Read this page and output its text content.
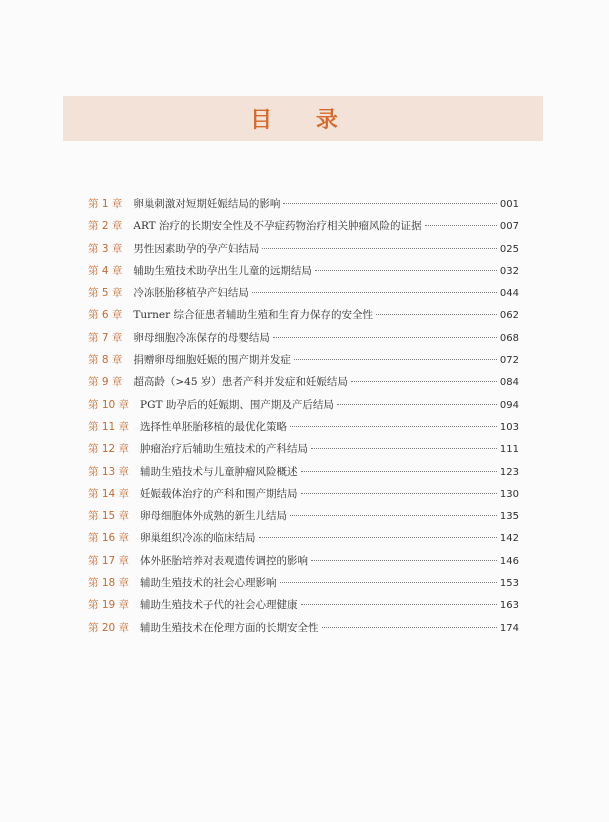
目 录
第 1 章 卵巢刺激对短期妊娠结局的影响	001
第 2 章 ART 治疗的长期安全性及不孕症药物治疗相关肿瘤风险的证据	007
第 3 章 男性因素助孕的孕产妇结局	025
第 4 章 辅助生殖技术助孕出生儿童的远期结局	032
第 5 章 冷冻胚胎移植孕产妇结局	044
第 6 章 Turner 综合征患者辅助生殖和生育力保存的安全性	062
第 7 章 卵母细胞冷冻保存的母婴结局	068
第 8 章 捐赠卵母细胞妊娠的围产期并发症	072
第 9 章 超高龄（>45 岁）患者产科并发症和妊娠结局	084
第 10 章 PGT 助孕后的妊娠期、围产期及产后结局	094
第 11 章 选择性单胚胎移植的最优化策略	103
第 12 章 肿瘤治疗后辅助生殖技术的产科结局	111
第 13 章 辅助生殖技术与儿童肿瘤风险概述	123
第 14 章 妊娠载体治疗的产科和围产期结局	130
第 15 章 卵母细胞体外成熟的新生儿结局	135
第 16 章 卵巢组织冷冻的临床结局	142
第 17 章 体外胚胎培养对表观遗传调控的影响	146
第 18 章 辅助生殖技术的社会心理影响	153
第 19 章 辅助生殖技术子代的社会心理健康	163
第 20 章 辅助生殖技术在伦理方面的长期安全性	174
